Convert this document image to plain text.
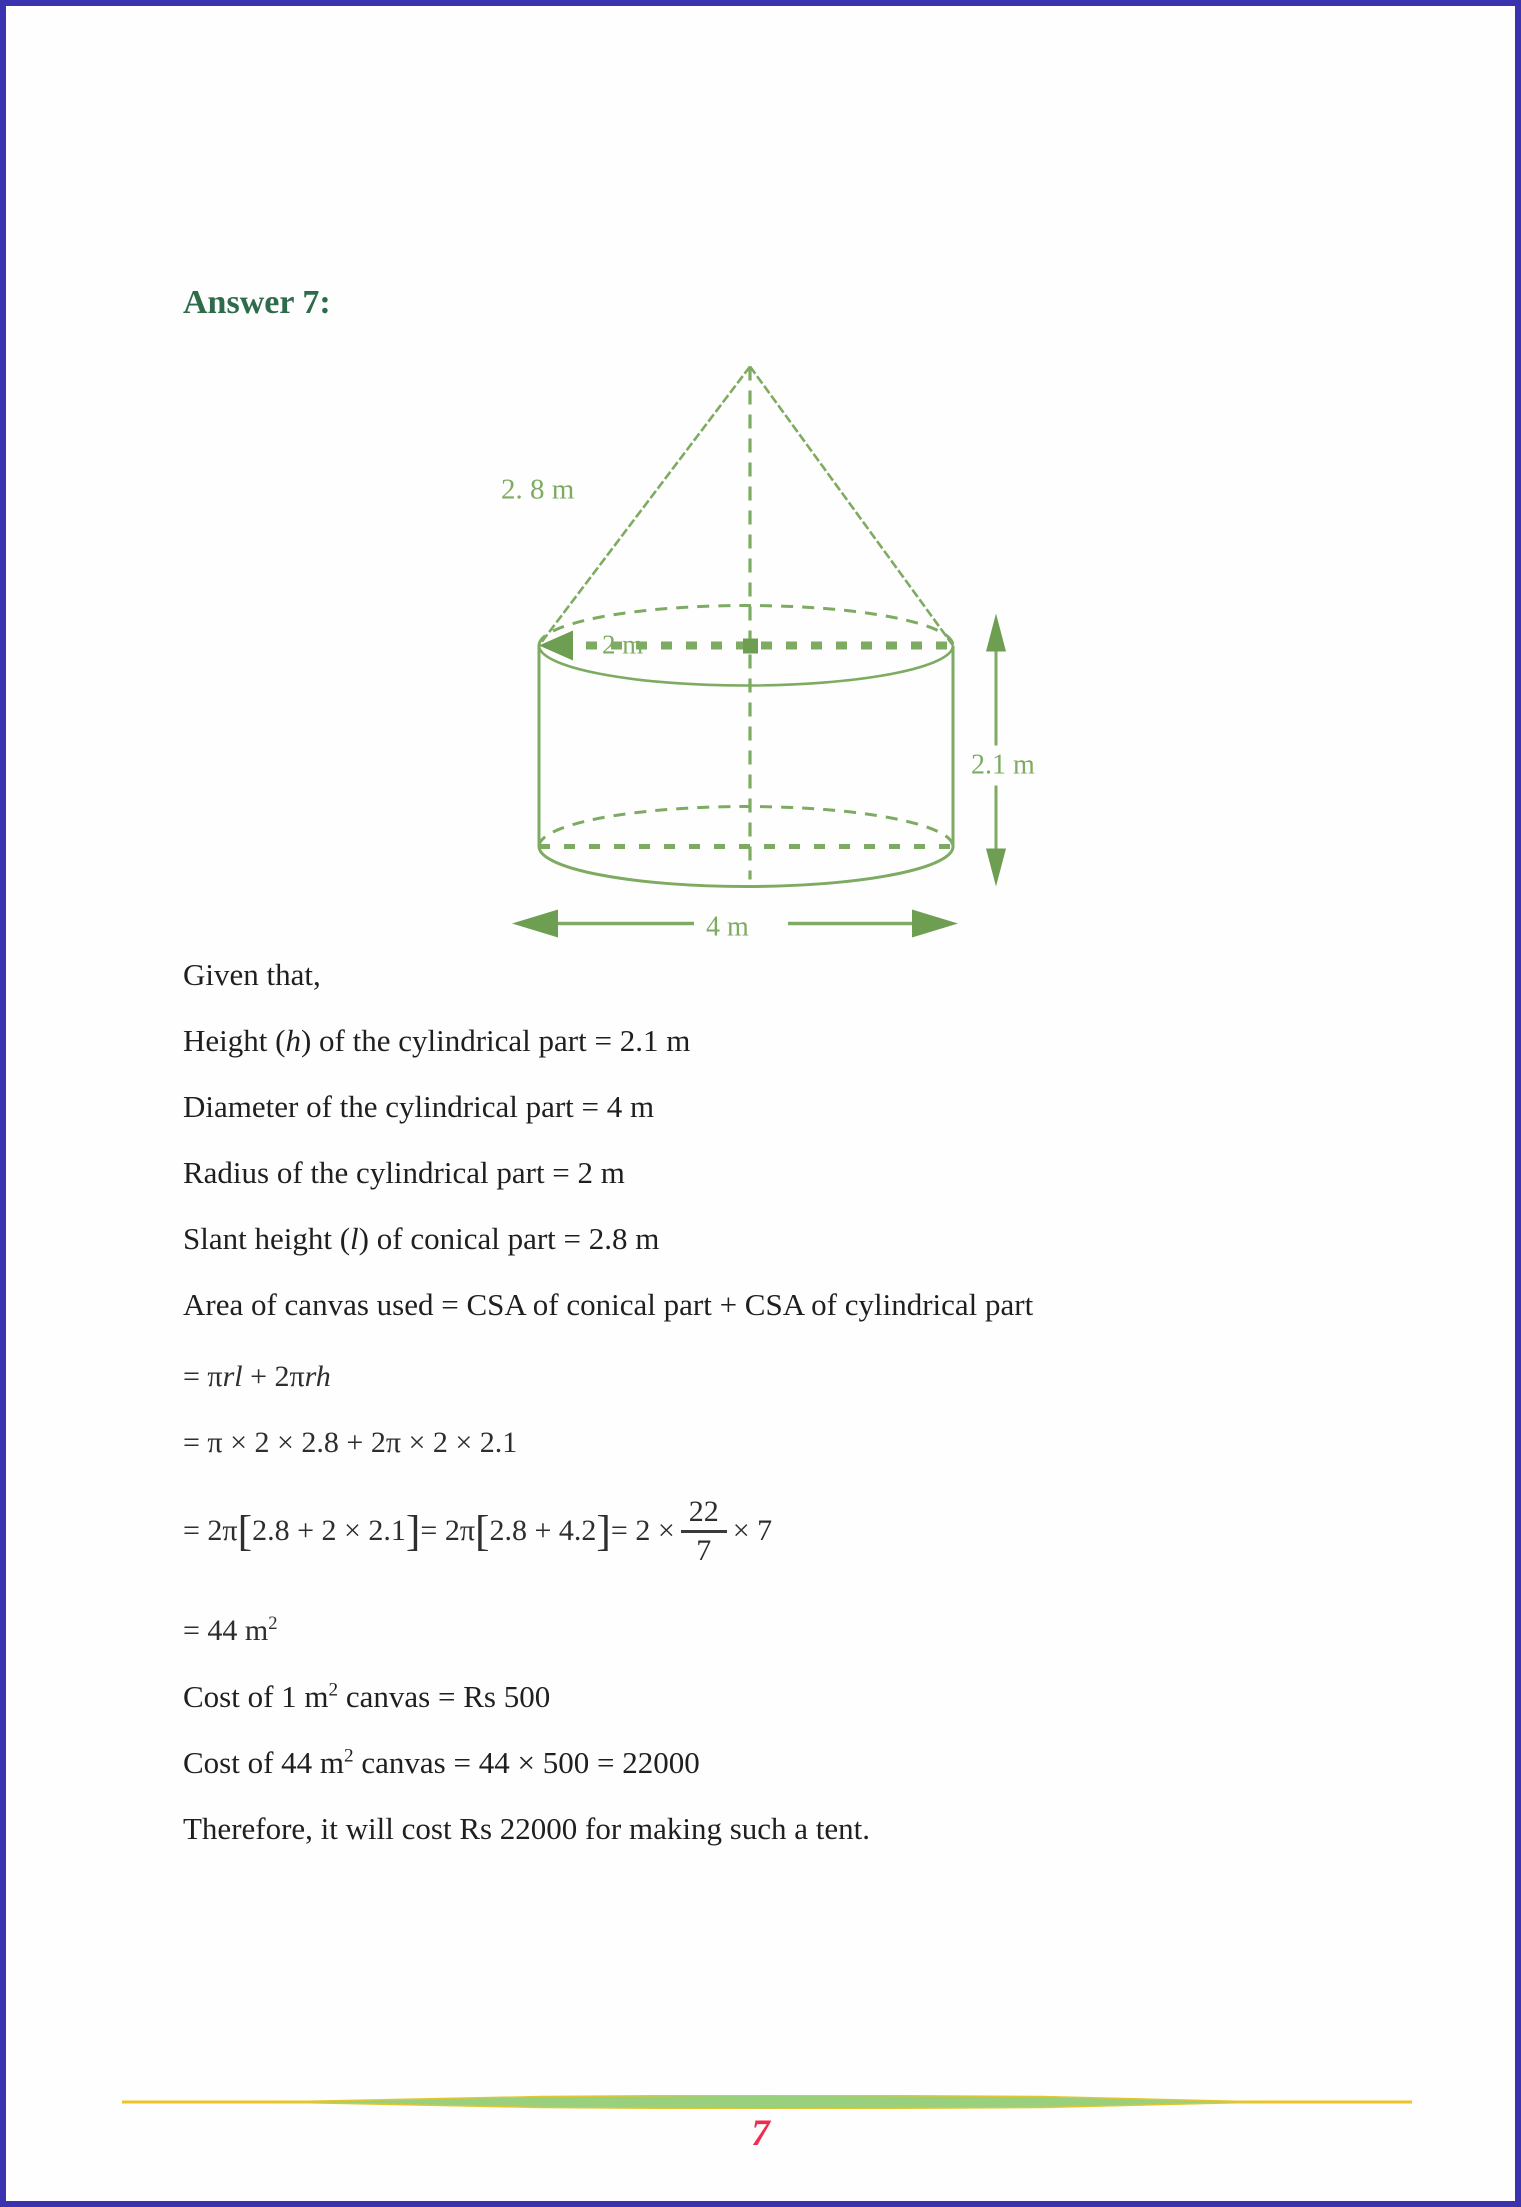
Answer 7:
2. 8 m
2 m
2.1 m
4 m
Given that,
Height (h) of the cylindrical part = 2.1 m
Diameter of the cylindrical part = 4 m
Radius of the cylindrical part = 2 m
Slant height (l) of conical part = 2.8 m
Area of canvas used = CSA of conical part + CSA of cylindrical part
= πrl + 2πrh
= π × 2 × 2.8 + 2π × 2 × 2.1
= 2π [ 2.8 + 2 × 2.1 ] = 2π [ 2.8 + 4.2 ] = $2 \times \frac{22}{7} \times 7$
= 44 $m^2$
Cost of 1 $m^2$ canvas = Rs 500
Cost of 44 $m^2$ canvas = 44 × 500 = 22000
Therefore, it will cost Rs 22000 for making such a tent.
7
